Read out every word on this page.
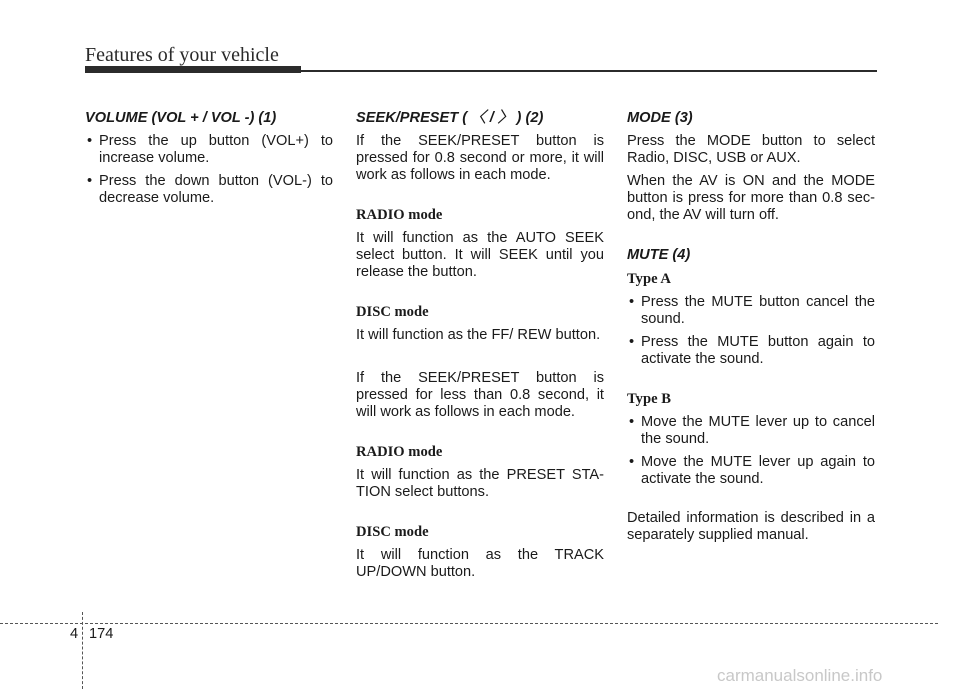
Features of your vehicle
VOLUME (VOL + / VOL -) (1)
• Press the up button (VOL+) to increase volume.
• Press the down button (VOL-) to decrease volume.
SEEK/PRESET ( 〈 / 〉 ) (2)

If the SEEK/PRESET button is pressed for 0.8 second or more, it will work as follows in each mode.

RADIO mode

It will function as the AUTO SEEK select button. It will SEEK until you release the button.

DISC mode

It will function as the FF/ REW button.

If the SEEK/PRESET button is pressed for less than 0.8 second, it will work as follows in each mode.

RADIO mode

It will function as the PRESET STA-TION select buttons.

DISC mode

It will function as the TRACK UP/DOWN button.

MODE (3)

Press the MODE button to select Radio, DISC, USB or AUX.

When the AV is ON and the MODE button is press for more than 0.8 sec-ond, the AV will turn off.

MUTE (4)
Type A
• Press the MUTE button cancel the sound.
• Press the MUTE button again to activate the sound.
Type B
• Move the MUTE lever up to cancel the sound.
• Move the MUTE lever up again to activate the sound.

Detailed information is described in a separately supplied manual.

4 174
carmanualsonline.info
